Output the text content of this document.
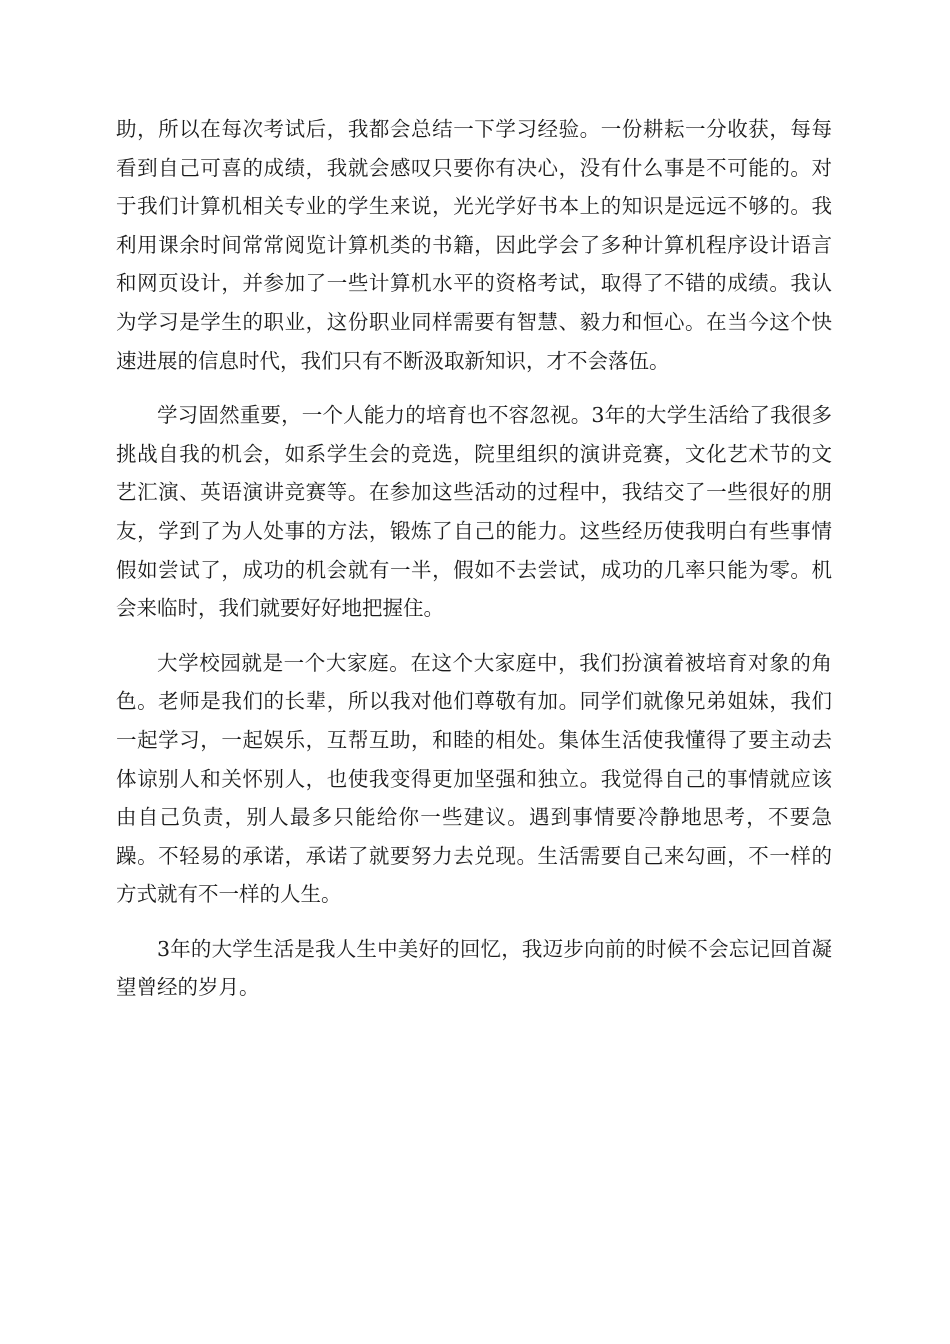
助，所以在每次考试后，我都会总结一下学习经验。一份耕耘一分收获，每每看到自己可喜的成绩，我就会感叹只要你有决心，没有什么事是不可能的。对于我们计算机相关专业的学生来说，光光学好书本上的知识是远远不够的。我利用课余时间常常阅览计算机类的书籍，因此学会了多种计算机程序设计语言和网页设计，并参加了一些计算机水平的资格考试，取得了不错的成绩。我认为学习是学生的职业，这份职业同样需要有智慧、毅力和恒心。在当今这个快速进展的信息时代，我们只有不断汲取新知识，才不会落伍。

学习固然重要，一个人能力的培育也不容忽视。3年的大学生活给了我很多挑战自我的机会，如系学生会的竞选，院里组织的演讲竞赛，文化艺术节的文艺汇演、英语演讲竞赛等。在参加这些活动的过程中，我结交了一些很好的朋友，学到了为人处事的方法，锻炼了自己的能力。这些经历使我明白有些事情假如尝试了，成功的机会就有一半，假如不去尝试，成功的几率只能为零。机会来临时，我们就要好好地把握住。

大学校园就是一个大家庭。在这个大家庭中，我们扮演着被培育对象的角色。老师是我们的长辈，所以我对他们尊敬有加。同学们就像兄弟姐妹，我们一起学习，一起娱乐，互帮互助，和睦的相处。集体生活使我懂得了要主动去体谅别人和关怀别人，也使我变得更加坚强和独立。我觉得自己的事情就应该由自己负责，别人最多只能给你一些建议。遇到事情要冷静地思考，不要急躁。不轻易的承诺，承诺了就要努力去兑现。生活需要自己来勾画，不一样的方式就有不一样的人生。

3年的大学生活是我人生中美好的回忆，我迈步向前的时候不会忘记回首凝望曾经的岁月。
